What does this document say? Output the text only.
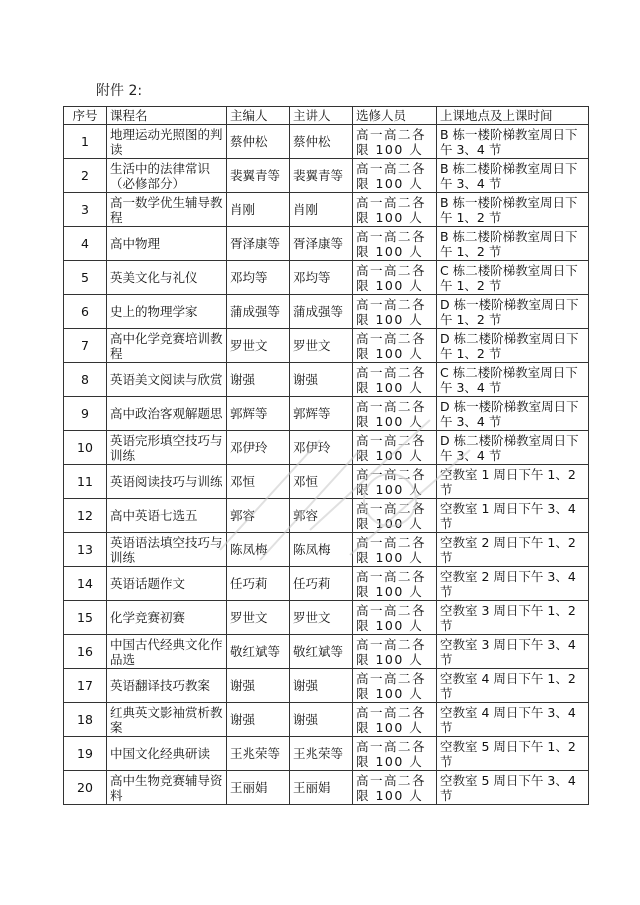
附件 2:
序号	课程名	主编人	主讲人	选修人员	上课地点及上课时间
1	地理运动光照图的判读	蔡仲松	蔡仲松	高一高二各限 100 人	B 栋一楼阶梯教室周日下午 3、4 节
2	生活中的法律常识（必修部分）	裴翼青等	裴翼青等	高一高二各限 100 人	B 栋二楼阶梯教室周日下午 3、4 节
3	高一数学优生辅导教程	肖刚	肖刚	高一高二各限 100 人	B 栋一楼阶梯教室周日下午 1、2 节
4	高中物理	胥泽康等	胥泽康等	高一高二各限 100 人	B 栋二楼阶梯教室周日下午 1、2 节
5	英美文化与礼仪	邓均等	邓均等	高一高二各限 100 人	C 栋二楼阶梯教室周日下午 1、2 节
6	史上的物理学家	蒲成强等	蒲成强等	高一高二各限 100 人	D 栋一楼阶梯教室周日下午 1、2 节
7	高中化学竞赛培训教程	罗世文	罗世文	高一高二各限 100 人	D 栋二楼阶梯教室周日下午 1、2 节
8	英语美文阅读与欣赏	谢强	谢强	高一高二各限 100 人	C 栋二楼阶梯教室周日下午 3、4 节
9	高中政治客观解题思	郭辉等	郭辉等	高一高二各限 100 人	D 栋一楼阶梯教室周日下午 3、4 节
10	英语完形填空技巧与训练	邓伊玲	邓伊玲	高一高二各限 100 人	D 栋二楼阶梯教室周日下午 3、4 节
11	英语阅读技巧与训练	邓恒	邓恒	高一高二各限 100 人	空教室 1 周日下午 1、2 节
12	高中英语七选五	郭容	郭容	高一高二各限 100 人	空教室 1 周日下午 3、4 节
13	英语语法填空技巧与训练	陈凤梅	陈凤梅	高一高二各限 100 人	空教室 2 周日下午 1、2 节
14	英语话题作文	任巧莉	任巧莉	高一高二各限 100 人	空教室 2 周日下午 3、4 节
15	化学竞赛初赛	罗世文	罗世文	高一高二各限 100 人	空教室 3 周日下午 1、2 节
16	中国古代经典文化作品选	敬红斌等	敬红斌等	高一高二各限 100 人	空教室 3 周日下午 3、4 节
17	英语翻译技巧教案	谢强	谢强	高一高二各限 100 人	空教室 4 周日下午 1、2 节
18	红典英文影袖赏析教案	谢强	谢强	高一高二各限 100 人	空教室 4 周日下午 3、4 节
19	中国文化经典研读	王兆荣等	王兆荣等	高一高二各限 100 人	空教室 5 周日下午 1、2 节
20	高中生物竞赛辅导资料	王丽娟	王丽娟	高一高二各限 100 人	空教室 5 周日下午 3、4 节
